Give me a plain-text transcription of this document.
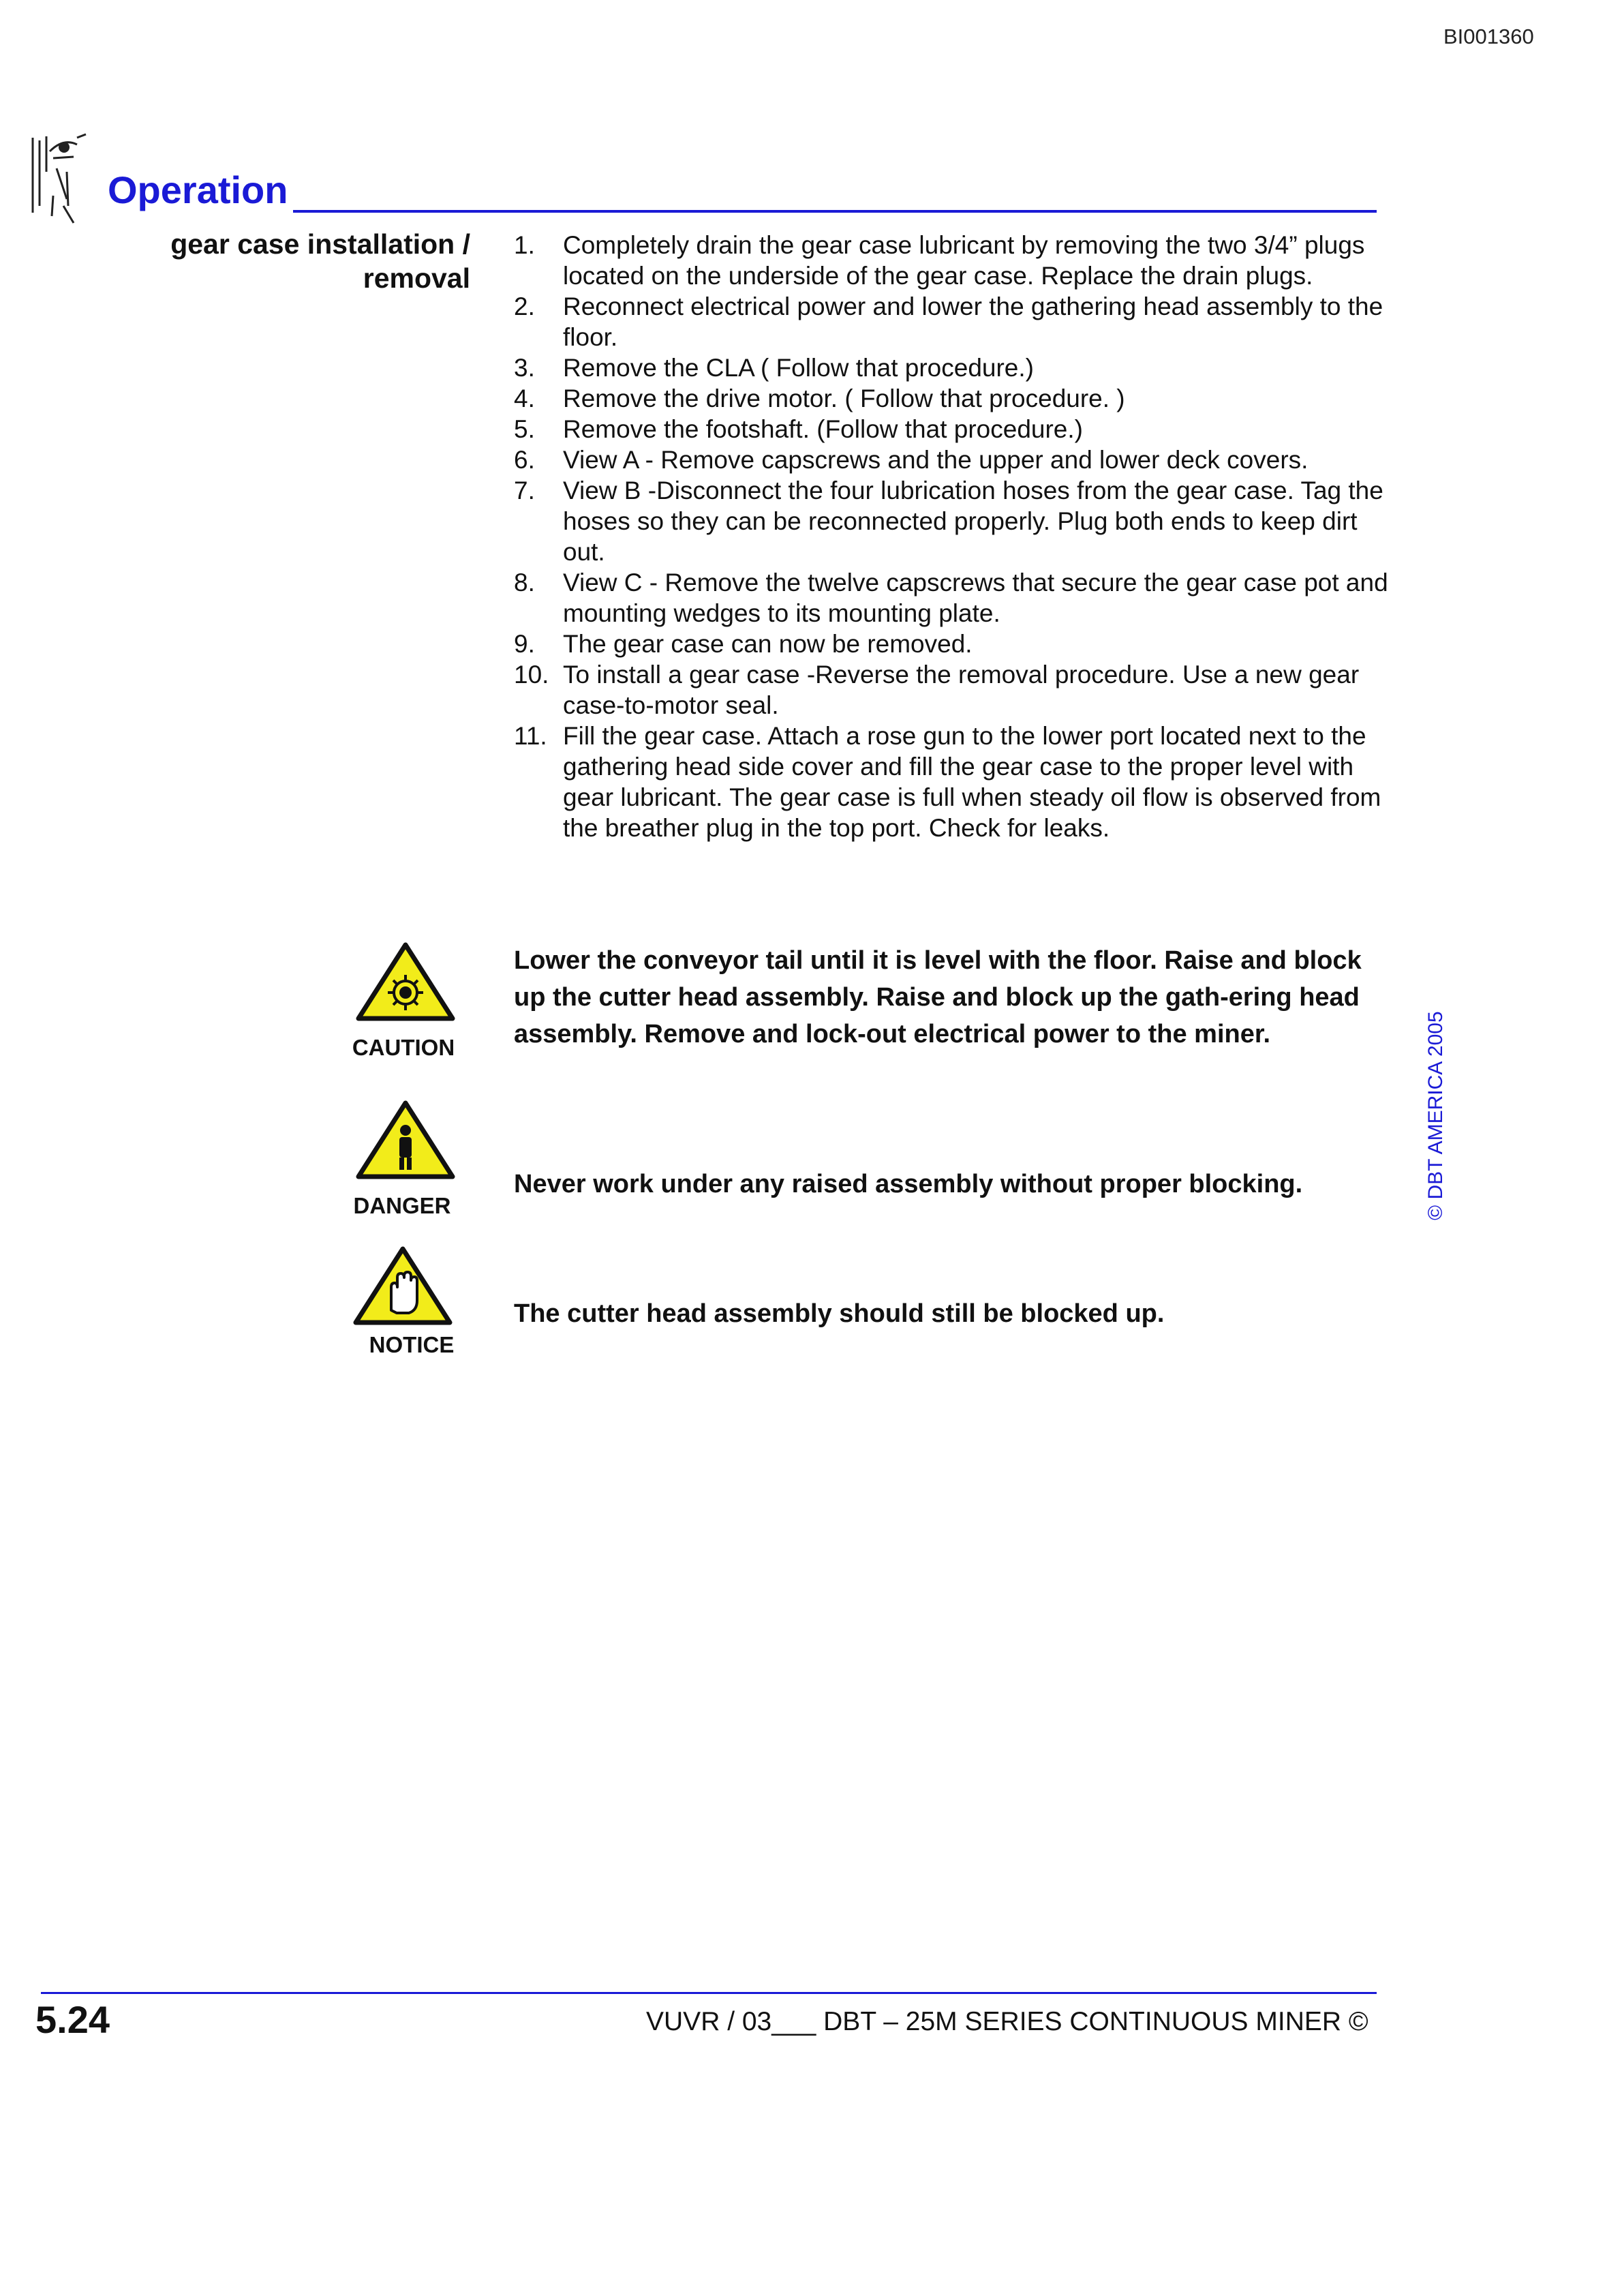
BI001360
Operation
gear case installation /
removal
1. Completely drain the gear case lubricant by removing the two 3/4” plugs located on the underside of the gear case. Replace the drain plugs.
2. Reconnect electrical power and lower the gathering head assembly to the floor.
3. Remove the CLA ( Follow that procedure.)
4. Remove the drive motor. ( Follow that procedure. )
5. Remove the footshaft. (Follow that procedure.)
6. View A - Remove capscrews and the upper and lower deck covers.
7. View B -Disconnect the four lubrication hoses from the gear case. Tag the hoses so they can be reconnected properly. Plug both ends to keep dirt out.
8. View C - Remove the twelve capscrews that secure the gear case pot and mounting wedges to its mounting plate.
9. The gear case can now be removed.
10. To install a gear case -Reverse the removal procedure. Use a new gear case-to-motor seal.
11. Fill the gear case. Attach a rose gun to the lower port located next to the gathering head side cover and fill the gear case to the proper level with gear lubricant. The gear case is full when steady oil flow is observed from the breather plug in the top port. Check for leaks.
CAUTION
Lower the conveyor tail until it is level with the floor. Raise and block up the cutter head assembly. Raise and block up the gath-ering head assembly. Remove and lock-out electrical power to the miner.
DANGER
Never work under any raised assembly without proper blocking.
NOTICE
The cutter head assembly should still be blocked up.
© DBT AMERICA 2005
5.24	VUVR / 03___ DBT – 25M SERIES CONTINUOUS MINER ©
